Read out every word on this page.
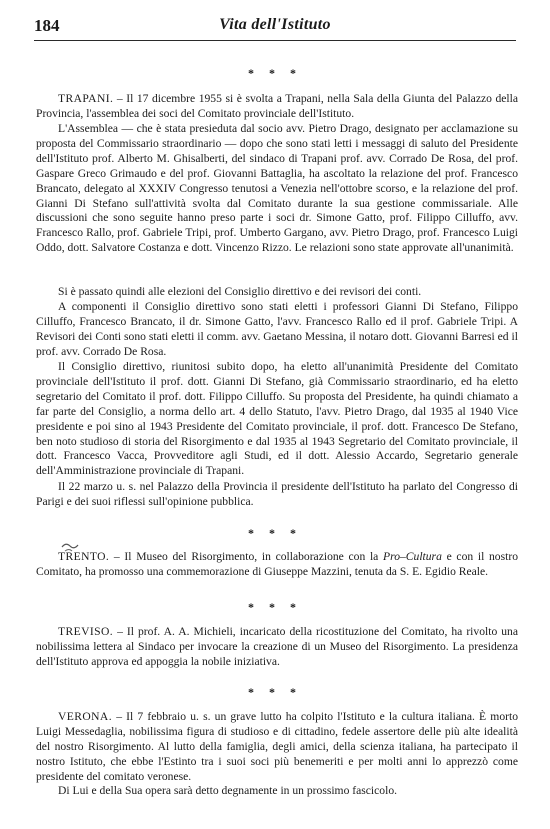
184	Vita dell'Istituto
* * *

TRAPANI. – Il 17 dicembre 1955 si è svolta a Trapani, nella Sala della Giunta del Palazzo della Provincia, l'assemblea dei soci del Comitato provinciale dell'Istituto.

L'Assemblea — che è stata presieduta dal socio avv. Pietro Drago, designato per acclamazione su proposta del Commissario straordinario — dopo che sono stati letti i messaggi di saluto del Presidente dell'Istituto prof. Alberto M. Ghisalberti, del sindaco di Trapani prof. avv. Corrado De Rosa, del prof. Gaspare Greco Grimaudo e del prof. Giovanni Battaglia, ha ascoltato la relazione del prof. Francesco Brancato, delegato al XXXIV Congresso tenutosi a Venezia nell'ottobre scorso, e la relazione del prof. Gianni Di Stefano sull'attività svolta dal Comitato durante la sua gestione commissariale. Alle discussioni che sono seguite hanno preso parte i soci dr. Simone Gatto, prof. Filippo Cilluffo, avv. Francesco Rallo, prof. Gabriele Tripi, prof. Umberto Gargano, avv. Pietro Drago, prof. Francesco Luigi Oddo, dott. Salvatore Costanza e dott. Vincenzo Rizzo. Le relazioni sono state approvate all'unanimità.

Si è passato quindi alle elezioni del Consiglio direttivo e dei revisori dei conti.

A componenti il Consiglio direttivo sono stati eletti i professori Gianni Di Stefano, Filippo Cilluffo, Francesco Brancato, il dr. Simone Gatto, l'avv. Francesco Rallo ed il prof. Gabriele Tripi. A Revisori dei Conti sono stati eletti il comm. avv. Gaetano Messina, il notaro dott. Giovanni Barresi ed il prof. avv. Corrado De Rosa.

Il Consiglio direttivo, riunitosi subito dopo, ha eletto all'unanimità Presidente del Comitato provinciale dell'Istituto il prof. dott. Gianni Di Stefano, già Commissario straordinario, ed ha eletto segretario del Comitato il prof. dott. Filippo Cilluffo. Su proposta del Presidente, ha quindi chiamato a far parte del Consiglio, a norma dello art. 4 dello Statuto, l'avv. Pietro Drago, dal 1935 al 1940 Vice presidente e poi sino al 1943 Presidente del Comitato provinciale, il prof. dott. Francesco De Stefano, ben noto studioso di storia del Risorgimento e dal 1935 al 1943 Segretario del Comitato provinciale, il dott. Francesco Vacca, Provveditore agli Studi, ed il dott. Alessio Accardo, Segretario generale dell'Amministrazione provinciale di Trapani.

Il 22 marzo u. s. nel Palazzo della Provincia il presidente dell'Istituto ha parlato del Congresso di Parigi e dei suoi riflessi sull'opinione pubblica.

* * *

TRENTO. – Il Museo del Risorgimento, in collaborazione con la Pro–Cultura e con il nostro Comitato, ha promosso una commemorazione di Giuseppe Mazzini, tenuta da S. E. Egidio Reale.

* * *

TREVISO. – Il prof. A. A. Michieli, incaricato della ricostituzione del Comitato, ha rivolto una nobilissima lettera al Sindaco per invocare la creazione di un Museo del Risorgimento. La presidenza dell'Istituto approva ed appoggia la nobile iniziativa.

* * *

VERONA. – Il 7 febbraio u. s. un grave lutto ha colpito l'Istituto e la cultura italiana. È morto Luigi Messedaglia, nobilissima figura di studioso e di cittadino, fedele assertore delle più alte idealità del nostro Risorgimento. Al lutto della famiglia, degli amici, della scienza italiana, ha partecipato il nostro Istituto, che ebbe l'Estinto tra i suoi soci più benemeriti e per molti anni lo apprezzò come presidente del comitato veronese.

Di Lui e della Sua opera sarà detto degnamente in un prossimo fascicolo.
